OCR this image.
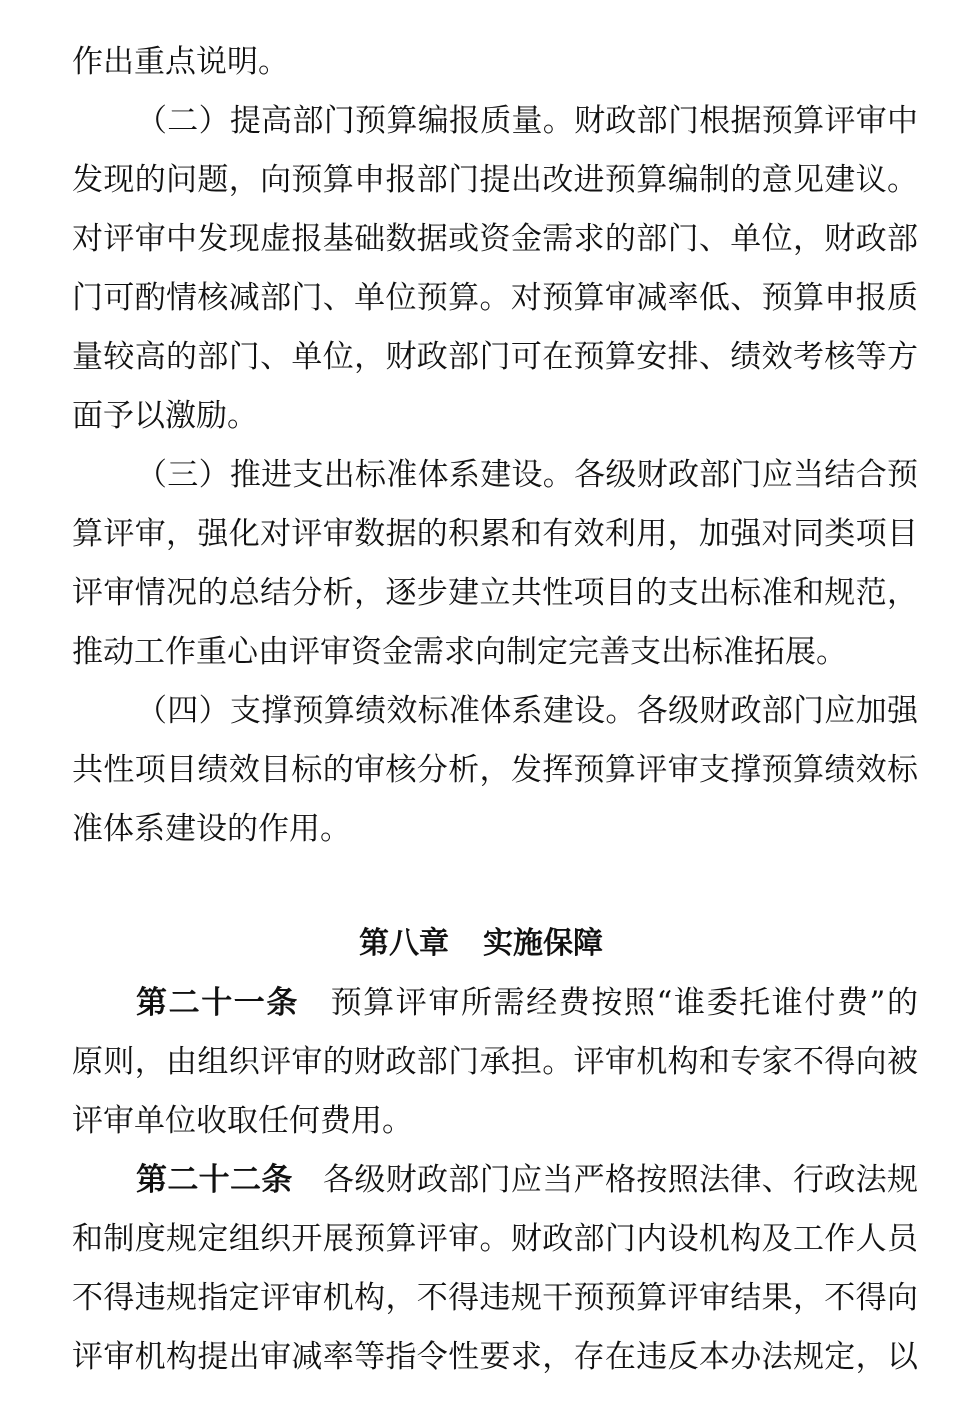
作出重点说明。
（二）提高部门预算编报质量。财政部门根据预算评审中
发现的问题，向预算申报部门提出改进预算编制的意见建议。
对评审中发现虚报基础数据或资金需求的部门、单位，财政部
门可酌情核减部门、单位预算。对预算审减率低、预算申报质
量较高的部门、单位，财政部门可在预算安排、绩效考核等方
面予以激励。
（三）推进支出标准体系建设。各级财政部门应当结合预
算评审，强化对评审数据的积累和有效利用，加强对同类项目
评审情况的总结分析，逐步建立共性项目的支出标准和规范，
推动工作重心由评审资金需求向制定完善支出标准拓展。
（四）支撑预算绩效标准体系建设。各级财政部门应加强
共性项目绩效目标的审核分析，发挥预算评审支撑预算绩效标
准体系建设的作用。
第八章 实施保障
第二十一条 预算评审所需经费按照“谁委托谁付费”的
原则，由组织评审的财政部门承担。评审机构和专家不得向被
评审单位收取任何费用。
第二十二条 各级财政部门应当严格按照法律、行政法规
和制度规定组织开展预算评审。财政部门内设机构及工作人员
不得违规指定评审机构，不得违规干预预算评审结果，不得向
评审机构提出审减率等指令性要求，存在违反本办法规定，以
